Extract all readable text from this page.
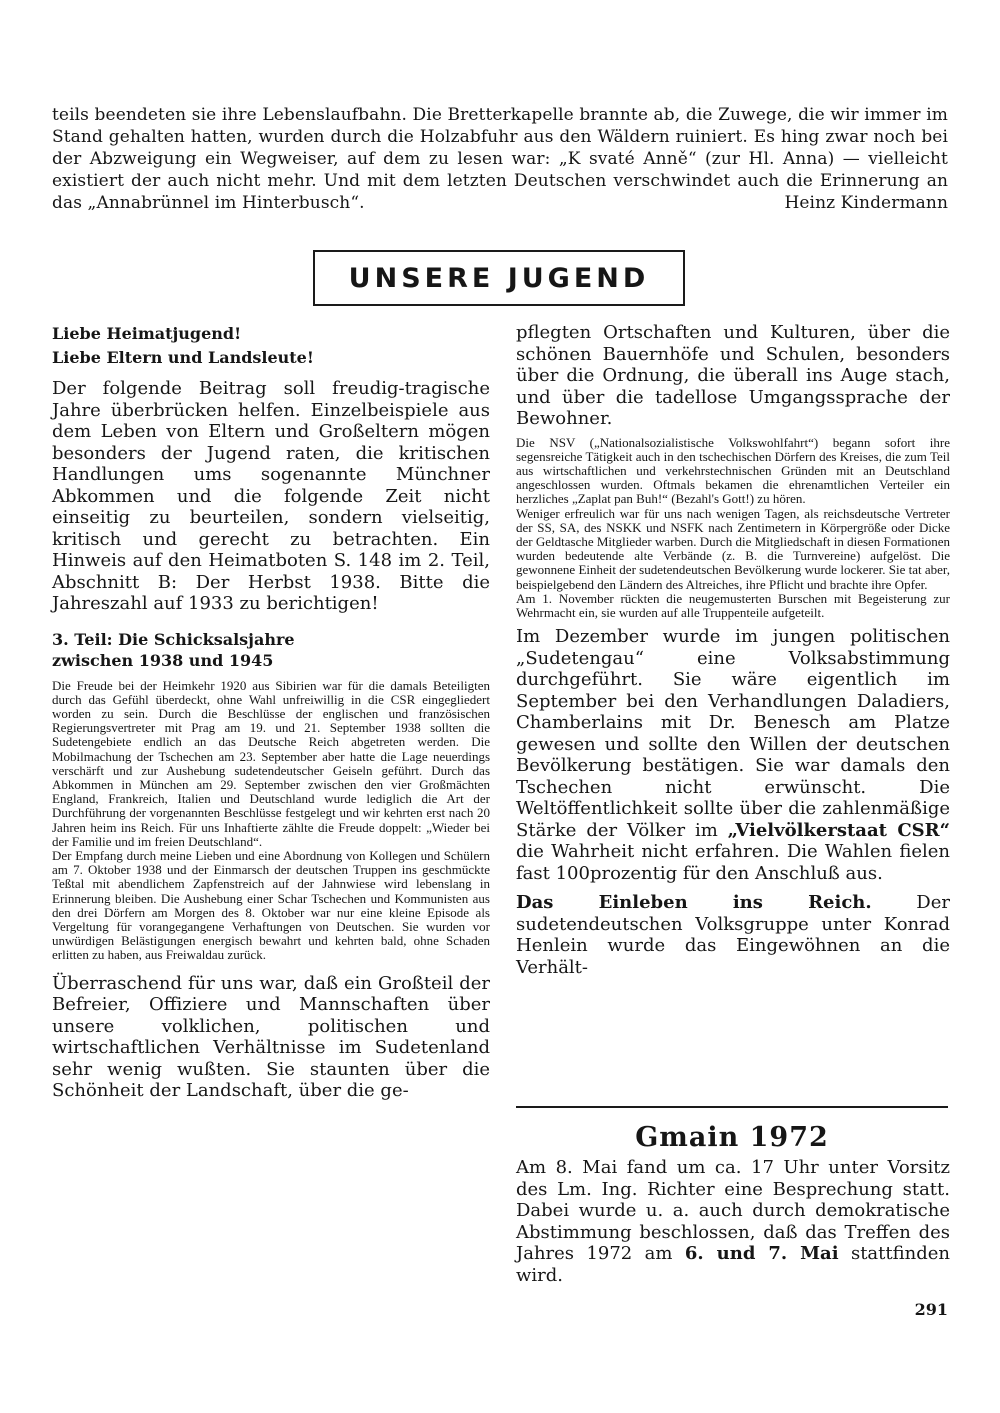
teils beendeten sie ihre Lebenslaufbahn. Die Bretterkapelle brannte ab, die Zuwege, die wir immer im Stand gehalten hatten, wurden durch die Holzabfuhr aus den Wäldern ruiniert. Es hing zwar noch bei der Abzweigung ein Wegweiser, auf dem zu lesen war: „K svaté Anně“ (zur Hl. Anna) — vielleicht existiert der auch nicht mehr. Und mit dem letzten Deutschen verschwindet auch die Erinnerung an das „Annabrünnel im Hinterbusch“.	Heinz Kindermann

UNSERE JUGEND

Liebe Heimatjugend!

Liebe Eltern und Landsleute!

Der folgende Beitrag soll freudig-tragische Jahre überbrücken helfen. Einzelbeispiele aus dem Leben von Eltern und Großeltern mögen besonders der Jugend raten, die kritischen Handlungen ums sogenannte Münchner Abkommen und die folgende Zeit nicht einseitig zu beurteilen, sondern vielseitig, kritisch und gerecht zu betrachten. Ein Hinweis auf den Heimatboten S. 148 im 2. Teil, Abschnitt B: Der Herbst 1938. Bitte die Jahreszahl auf 1933 zu berichtigen!

3. Teil: Die Schicksalsjahre

zwischen 1938 und 1945

Die Freude bei der Heimkehr 1920 aus Sibirien war für die damals Beteiligten durch das Gefühl überdeckt, ohne Wahl unfreiwillig in die CSR eingegliedert worden zu sein. Durch die Beschlüsse der englischen und französischen Regierungsvertreter mit Prag am 19. und 21. September 1938 sollten die Sudetengebiete endlich an das Deutsche Reich abgetreten werden. Die Mobilmachung der Tschechen am 23. September aber hatte die Lage neuerdings verschärft und zur Aushebung sudetendeutscher Geiseln geführt. Durch das Abkommen in München am 29. September zwischen den vier Großmächten England, Frankreich, Italien und Deutschland wurde lediglich die Art der Durchführung der vorgenannten Beschlüsse festgelegt und wir kehrten erst nach 20 Jahren heim ins Reich. Für uns Inhaftierte zählte die Freude doppelt: „Wieder bei der Familie und im freien Deutschland“.

Der Empfang durch meine Lieben und eine Abordnung von Kollegen und Schülern am 7. Oktober 1938 und der Einmarsch der deutschen Truppen ins geschmückte Teßtal mit abendlichem Zapfenstreich auf der Jahnwiese wird lebenslang in Erinnerung bleiben. Die Aushebung einer Schar Tschechen und Kommunisten aus den drei Dörfern am Morgen des 8. Oktober war nur eine kleine Episode als Vergeltung für vorangegangene Verhaftungen von Deutschen. Sie wurden vor unwürdigen Belästigungen energisch bewahrt und kehrten bald, ohne Schaden erlitten zu haben, aus Freiwaldau zurück.

Überraschend für uns war, daß ein Großteil der Befreier, Offiziere und Mannschaften über unsere volklichen, politischen und wirtschaftlichen Verhältnisse im Sudetenland sehr wenig wußten. Sie staunten über die Schönheit der Landschaft, über die ge-

pflegten Ortschaften und Kulturen, über die schönen Bauernhöfe und Schulen, besonders über die Ordnung, die überall ins Auge stach, und über die tadellose Umgangssprache der Bewohner.

Die NSV („Nationalsozialistische Volkswohlfahrt“) begann sofort ihre segensreiche Tätigkeit auch in den tschechischen Dörfern des Kreises, die zum Teil aus wirtschaftlichen und verkehrstechnischen Gründen mit an Deutschland angeschlossen wurden. Oftmals bekamen die ehrenamtlichen Verteiler ein herzliches „Zaplat pan Buh!“ (Bezahl's Gott!) zu hören.

Weniger erfreulich war für uns nach wenigen Tagen, als reichsdeutsche Vertreter der SS, SA, des NSKK und NSFK nach Zentimetern in Körpergröße oder Dicke der Geldtasche Mitglieder warben. Durch die Mitgliedschaft in diesen Formationen wurden bedeutende alte Verbände (z. B. die Turnvereine) aufgelöst. Die gewonnene Einheit der sudetendeutschen Bevölkerung wurde lockerer. Sie tat aber, beispielgebend den Ländern des Altreiches, ihre Pflicht und brachte ihre Opfer.

Am 1. November rückten die neugemusterten Burschen mit Begeisterung zur Wehrmacht ein, sie wurden auf alle Truppenteile aufgeteilt.

Im Dezember wurde im jungen politischen „Sudetengau“ eine Volksabstimmung durchgeführt. Sie wäre eigentlich im September bei den Verhandlungen Daladiers, Chamberlains mit Dr. Benesch am Platze gewesen und sollte den Willen der deutschen Bevölkerung bestätigen. Sie war damals den Tschechen nicht erwünscht. Die Weltöffentlichkeit sollte über die zahlenmäßige Stärke der Völker im „Vielvölkerstaat CSR“ die Wahrheit nicht erfahren. Die Wahlen fielen fast 100prozentig für den Anschluß aus.

Das Einleben ins Reich. Der sudetendeutschen Volksgruppe unter Konrad Henlein wurde das Eingewöhnen an die Verhält-

Gmain 1972

Am 8. Mai fand um ca. 17 Uhr unter Vorsitz des Lm. Ing. Richter eine Besprechung statt. Dabei wurde u. a. auch durch demokratische Abstimmung beschlossen, daß das Treffen des Jahres 1972 am 6. und 7. Mai stattfinden wird.

291
